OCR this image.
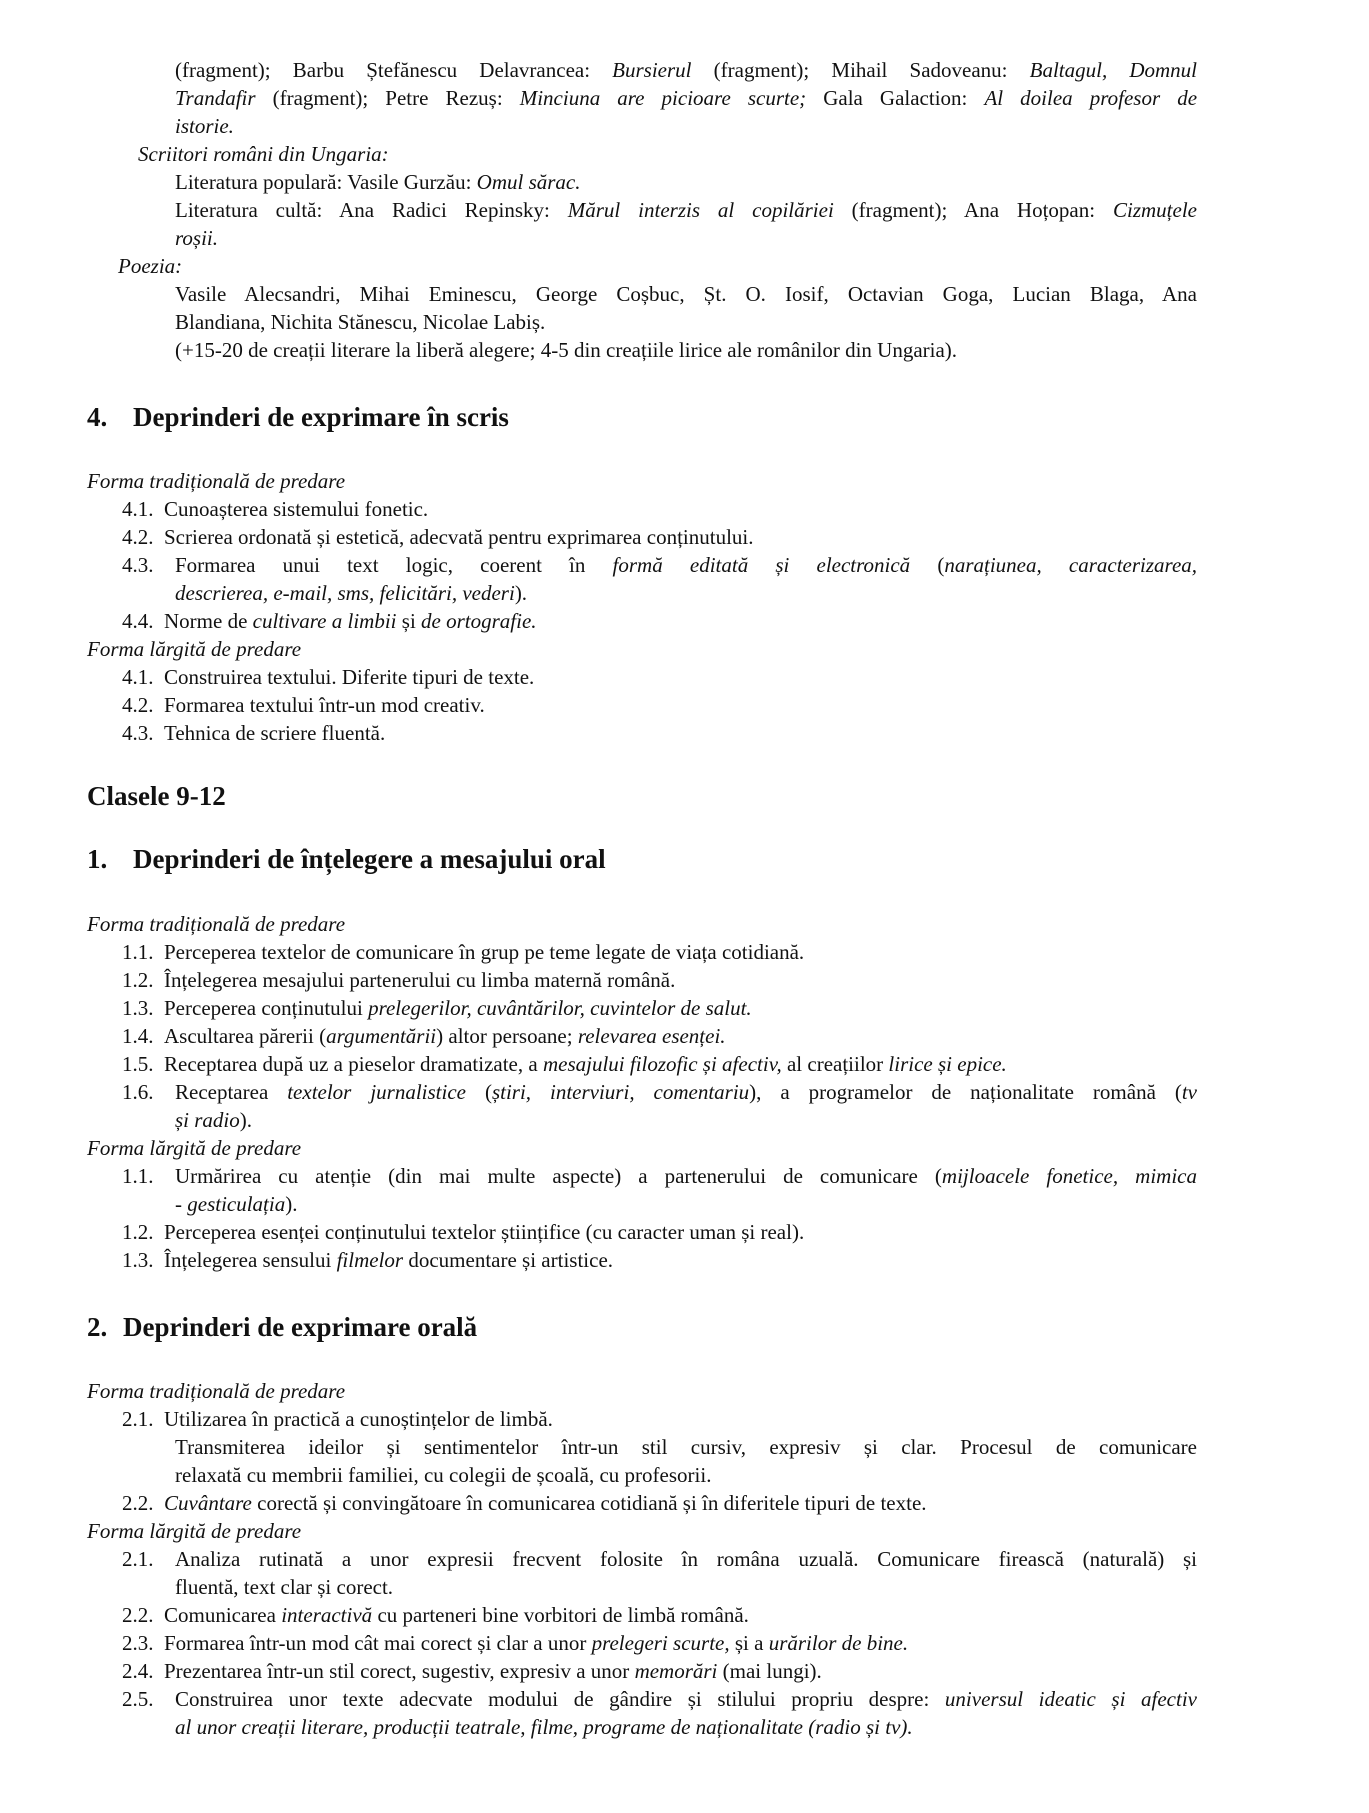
(fragment); Barbu Ștefănescu Delavrancea: Bursierul (fragment); Mihail Sadoveanu: Baltagul, Domnul
Trandafir (fragment); Petre Rezuș: Minciuna are picioare scurte; Gala Galaction: Al doilea profesor de
istorie.
Scriitori români din Ungaria:
Literatura populară: Vasile Gurzău: Omul sărac.
Literatura cultă: Ana Radici Repinsky: Mărul interzis al copilăriei (fragment); Ana Hoțopan: Cizmuțele
roșii.
Poezia:
Vasile Alecsandri, Mihai Eminescu, George Coșbuc, Șt. O. Iosif, Octavian Goga, Lucian Blaga, Ana
Blandiana, Nichita Stănescu, Nicolae Labiș.
(+15-20 de creații literare la liberă alegere; 4-5 din creațiile lirice ale românilor din Ungaria).
4. Deprinderi de exprimare în scris
Forma tradițională de predare
4.1. Cunoașterea sistemului fonetic.
4.2. Scrierea ordonată și estetică, adecvată pentru exprimarea conținutului.
4.3.	Formarea unui text logic, coerent în formă editată și electronică (narațiunea, caracterizarea,
descrierea, e-mail, sms, felicitări, vederi).
4.4. Norme de cultivare a limbii și de ortografie.
Forma lărgită de predare
4.1. Construirea textului. Diferite tipuri de texte.
4.2. Formarea textului într-un mod creativ.
4.3. Tehnica de scriere fluentă.
Clasele 9-12
1. Deprinderi de înțelegere a mesajului oral
Forma tradițională de predare
1.1. Perceperea textelor de comunicare în grup pe teme legate de viața cotidiană.
1.2. Înțelegerea mesajului partenerului cu limba maternă română.
1.3. Perceperea conținutului prelegerilor, cuvântărilor, cuvintelor de salut.
1.4. Ascultarea părerii (argumentării) altor persoane; relevarea esenței.
1.5. Receptarea după uz a pieselor dramatizate, a mesajului filozofic și afectiv, al creațiilor lirice și epice.
1.6.	Receptarea textelor jurnalistice (știri, interviuri, comentariu), a programelor de naționalitate română (tv
și radio).
Forma lărgită de predare
1.1.	Urmărirea cu atenție (din mai multe aspecte) a partenerului de comunicare (mijloacele fonetice, mimica
- gesticulația).
1.2. Perceperea esenței conținutului textelor științifice (cu caracter uman și real).
1.3. Înțelegerea sensului filmelor documentare și artistice.
2. Deprinderi de exprimare orală
Forma tradițională de predare
2.1. Utilizarea în practică a cunoștințelor de limbă.
Transmiterea ideilor și sentimentelor într-un stil cursiv, expresiv și clar. Procesul de comunicare
relaxată cu membrii familiei, cu colegii de școală, cu profesorii.
2.2. Cuvântare corectă și convingătoare în comunicarea cotidiană și în diferitele tipuri de texte.
Forma lărgită de predare
2.1.	Analiza rutinată a unor expresii frecvent folosite în româna uzuală. Comunicare firească (naturală) și
fluentă, text clar și corect.
2.2. Comunicarea interactivă cu parteneri bine vorbitori de limbă română.
2.3. Formarea într-un mod cât mai corect și clar a unor prelegeri scurte, și a urărilor de bine.
2.4. Prezentarea într-un stil corect, sugestiv, expresiv a unor memorări (mai lungi).
2.5.	Construirea unor texte adecvate modului de gândire și stilului propriu despre: universul ideatic și afectiv
al unor creații literare, producții teatrale, filme, programe de naționalitate (radio și tv).
